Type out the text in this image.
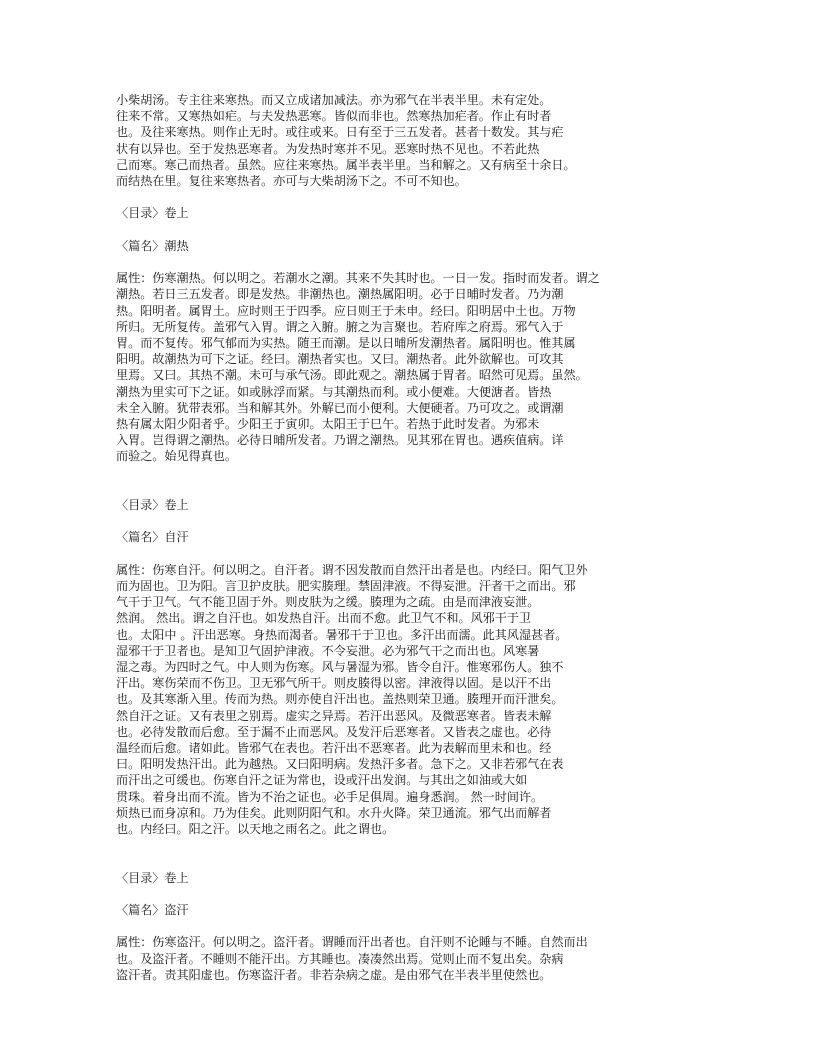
小柴胡汤。专主往来寒热。而又立成诸加减法。亦为邪气在半表半里。未有定处。
往来不常。又寒热如疟。与夫发热恶寒。皆似而非也。然寒热加疟者。作止有时者
也。及往来寒热。则作止无时。或往或来。日有至于三五发者。甚者十数发。其与疟
状有以异也。至于发热恶寒者。为发热时寒并不见。恶寒时热不见也。不若此热
己而寒。寒己而热者。虽然。应往来寒热。属半表半里。当和解之。又有病至十余日。
而结热在里。复往来寒热者。亦可与大柴胡汤下之。不可不知也。
〈目录〉卷上

〈篇名〉潮热

属性：伤寒潮热。何以明之。若潮水之潮。其来不失其时也。一日一发。指时而发者。谓之
潮热。若日三五发者。即是发热。非潮热也。潮热属阳明。必于日晡时发者。乃为潮
热。阳明者。属胃土。应时则王于四季。应日则王于未申。经曰。阳明居中土也。万物
所归。无所复传。盖邪气入胃。谓之入腑。腑之为言聚也。若府库之府焉。邪气入于
胃。而不复传。邪气郁而为实热。随王而潮。是以日晡所发潮热者。属阳明也。惟其属
阳明。故潮热为可下之证。经曰。潮热者实也。又曰。潮热者。此外欲解也。可攻其
里焉。又曰。其热不潮。未可与承气汤。即此观之。潮热属于胃者。昭然可见焉。虽然。
潮热为里实可下之证。如或脉浮而紧。与其潮热而利。或小便难。大便溏者。皆热
未全入腑。犹带表邪。当和解其外。外解已而小便利。大便硬者。乃可攻之。或谓潮
热有属太阳少阳者乎。少阳王于寅卯。太阳王于巳午。若热于此时发者。为邪未
入胃。岂得谓之潮热。必待日晡所发者。乃谓之潮热。见其邪在胃也。遇疾值病。详
而验之。始见得真也。
〈目录〉卷上

〈篇名〉自汗

属性：伤寒自汗。何以明之。自汗者。谓不因发散而自然汗出者是也。内经曰。阳气卫外
而为固也。卫为阳。言卫护皮肤。肥实腠理。禁固津液。不得妄泄。汗者干之而出。邪
气干于卫气。气不能卫固于外。则皮肤为之缓。腠理为之疏。由是而津液妄泄。
然润。 然出。谓之自汗也。如发热自汗。出而不愈。此卫气不和。风邪干于卫
也。太阳中 。汗出恶寒。身热而渴者。暑邪干于卫也。多汗出而濡。此其风湿甚者。
湿邪干于卫者也。是知卫气固护津液。不令妄泄。必为邪气干之而出也。风寒暑
湿之毒。为四时之气。中人则为伤寒。风与暑湿为邪。皆令自汗。惟寒邪伤人。独不
汗出。寒伤荣而不伤卫。卫无邪气所干。则皮腠得以密。津液得以固。是以汗不出
也。及其寒渐入里。传而为热。则亦使自汗出也。盖热则荣卫通。腠理开而汗泄矣。
然自汗之证。又有表里之别焉。虚实之异焉。若汗出恶风。及微恶寒者。皆表未解
也。必待发散而后愈。至于漏不止而恶风。及发汗后恶寒者。又皆表之虚也。必待
温经而后愈。诸如此。皆邪气在表也。若汗出不恶寒者。此为表解而里未和也。经
曰。阳明发热汗出。此为越热。又曰阳明病。发热汗多者。急下之。又非若邪气在表
而汗出之可缓也。伤寒自汗之证为常也，设或汗出发润。与其出之如油或大如
贯珠。着身出而不流。皆为不治之证也。必手足俱周。遍身悉润。 然一时间许。
烦热已而身凉和。乃为佳矣。此则阴阳气和。水升火降。荣卫通流。邪气出而解者
也。内经曰。阳之汗。以天地之雨名之。此之谓也。
〈目录〉卷上

〈篇名〉盗汗

属性：伤寒盗汗。何以明之。盗汗者。谓睡而汗出者也。自汗则不论睡与不睡。自然而出
也。及盗汗者。不睡则不能汗出。方其睡也。凑凑然出焉。觉则止而不复出矣。杂病
盗汗者。责其阳虚也。伤寒盗汗者。非若杂病之虚。是由邪气在半表半里使然也。
